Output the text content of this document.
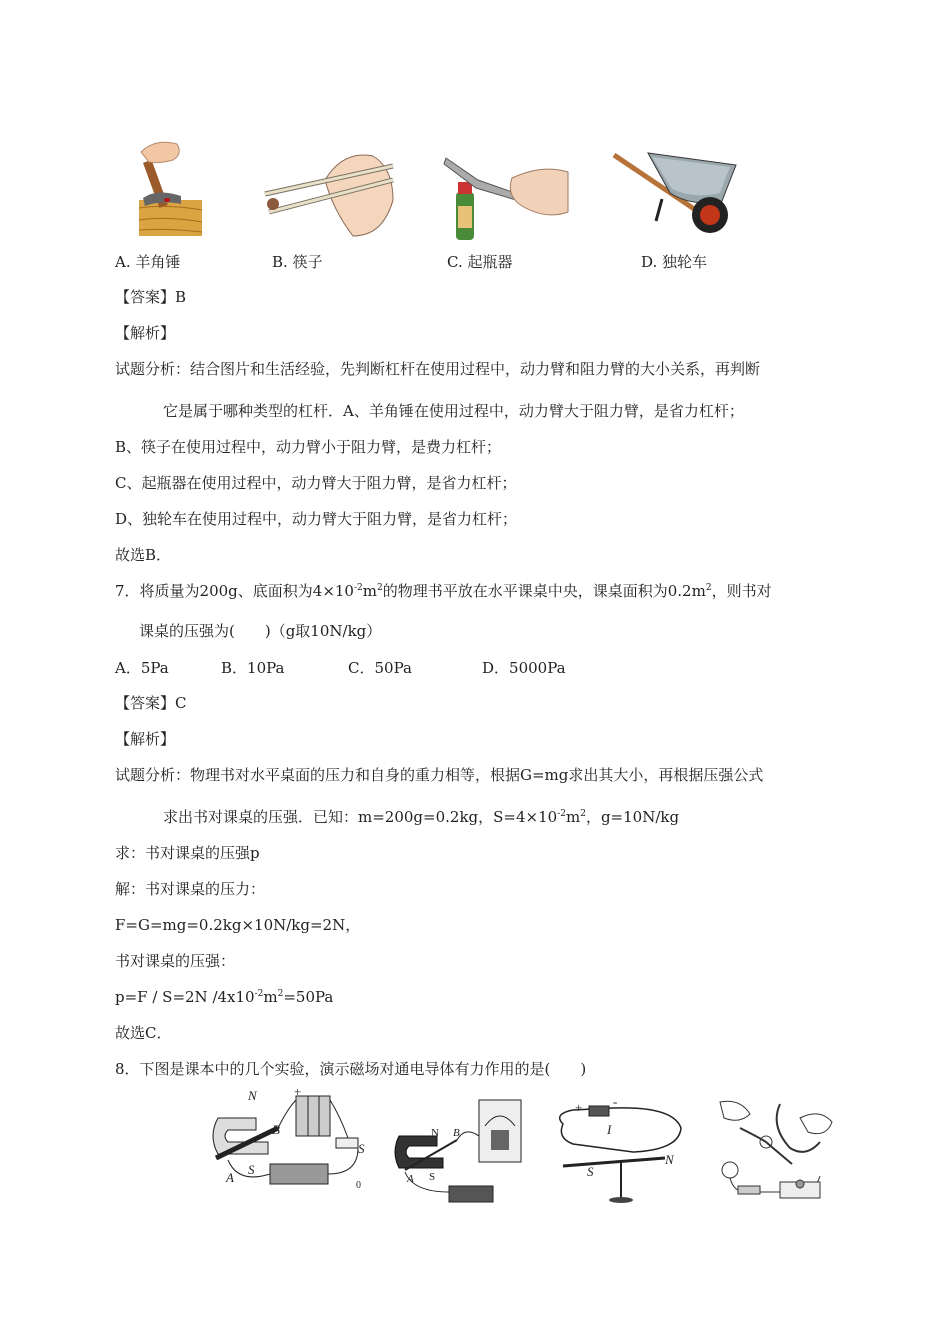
A. 羊角锤	B. 筷子	C. 起瓶器	D. 独轮车
【答案】B
【解析】
试题分析：结合图片和生活经验，先判断杠杆在使用过程中，动力臂和阻力臂的大小关系，再判断
它是属于哪种类型的杠杆．A、羊角锤在使用过程中，动力臂大于阻力臂，是省力杠杆；
B、筷子在使用过程中，动力臂小于阻力臂，是费力杠杆；
C、起瓶器在使用过程中，动力臂大于阻力臂，是省力杠杆；
D、独轮车在使用过程中，动力臂大于阻力臂，是省力杠杆；
故选B．
7．将质量为200g、底面积为$4\times 10^{-2}m^2$的物理书平放在水平课桌中央，课桌面积为$0.2m^2$，则书对
课桌的压强为(　　)（g取10N/kg）
A．5Pa	B．10Pa	C．50Pa	D．5000Pa
【答案】C
【解析】
试题分析：物理书对水平桌面的压力和自身的重力相等，根据G=mg求出其大小，再根据压强公式
求出书对课桌的压强．已知：m=200g=0.2kg，$S=4\times 10^{-2}m^2$，g=10N/kg
求：书对课桌的压强p
解：书对课桌的压力：
F=G=mg=0.2kg×10N/kg=2N，
书对课桌的压强：
p=F / S=2N $/4x10^{-2}m^2=50Pa$
故选C．
8．下图是课本中的几个实验，演示磁场对通电导体有力作用的是(　　)
N
B
A
S
S
+
0
N B
A S
+ -
I
S
N
